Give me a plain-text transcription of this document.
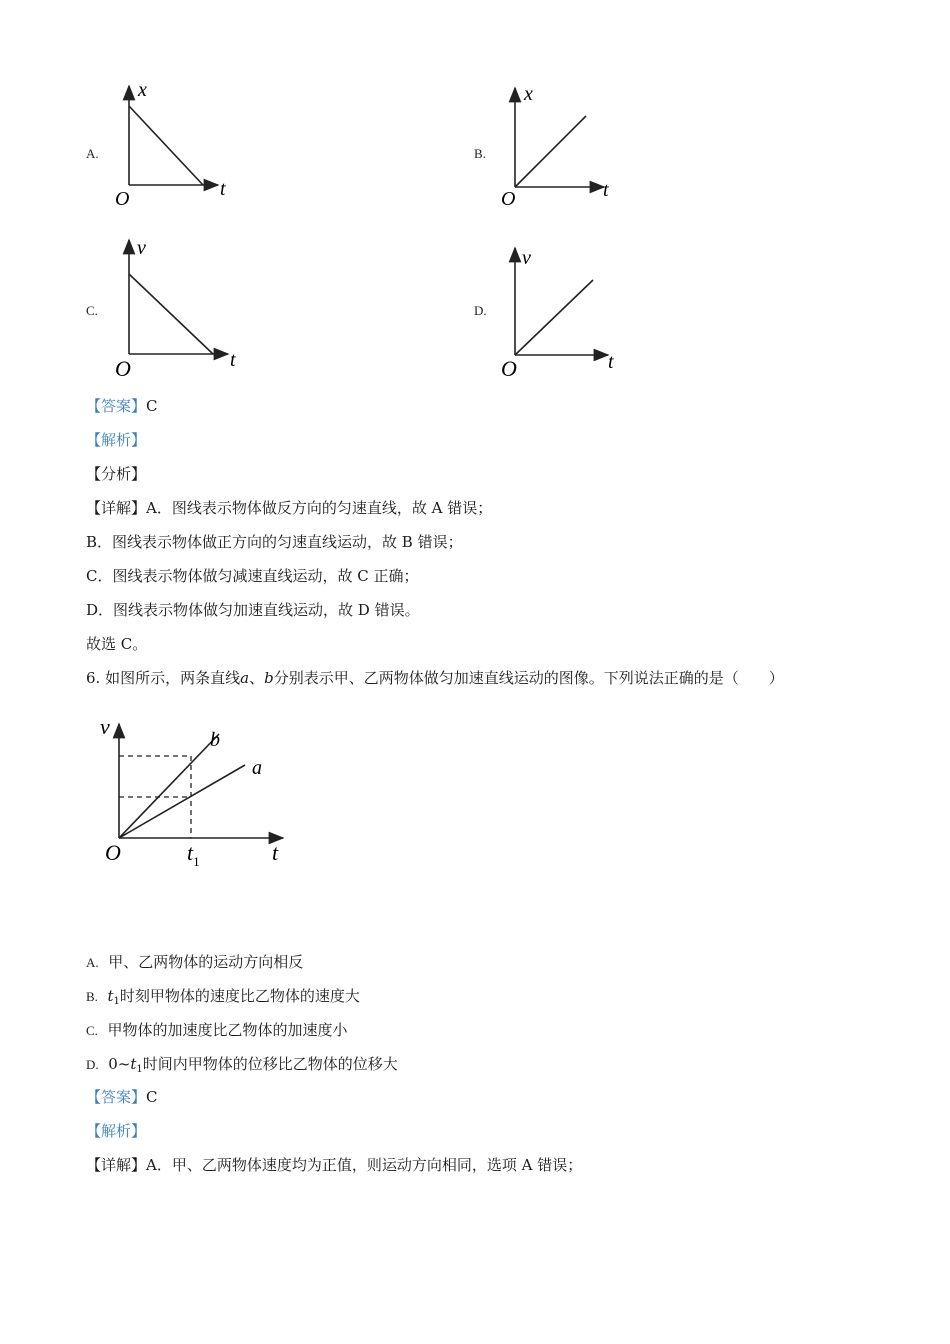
A.
x
t
O
B.
x
t
O
C.
v
t
O
D.
v
t
O
【答案】C
【解析】
【分析】
【详解】A．图线表示物体做反方向的匀速直线，故 A 错误；
B．图线表示物体做正方向的匀速直线运动，故 B 错误；
C．图线表示物体做匀减速直线运动，故 C 正确；
D．图线表示物体做匀加速直线运动，故 D 错误。
故选 C。
6. 如图所示，两条直线a、b分别表示甲、乙两物体做匀加速直线运动的图像。下列说法正确的是（　　）
v
b
a
O	$t_1$	t
A. 甲、乙两物体的运动方向相反
B. $t_1$时刻甲物体的速度比乙物体的速度大
C. 甲物体的加速度比乙物体的加速度小
D. $0\sim t_1$时间内甲物体的位移比乙物体的位移大
【答案】C
【解析】
【详解】A．甲、乙两物体速度均为正值，则运动方向相同，选项 A 错误；
